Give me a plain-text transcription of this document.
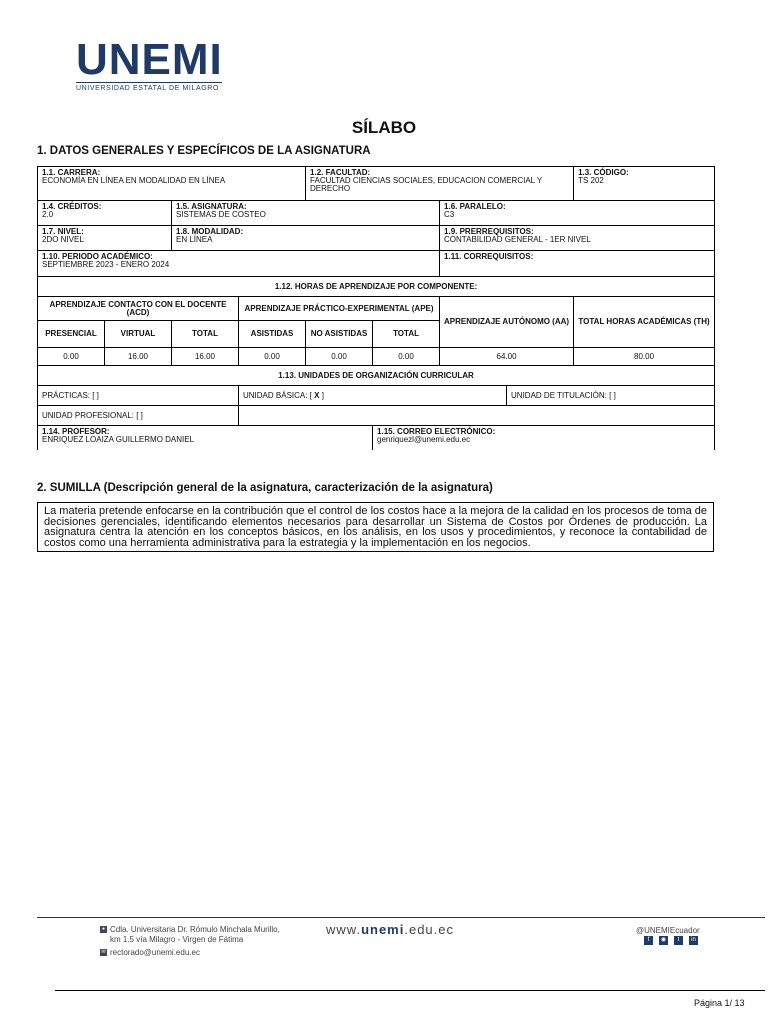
UNEMI
UNIVERSIDAD ESTATAL DE MILAGRO
SÍLABO
1. DATOS GENERALES Y ESPECÍFICOS DE LA ASIGNATURA
1.1. CARRERA:
ECONOMÍA EN LÍNEA EN MODALIDAD EN LÍNEA				1.2. FACULTAD:
FACULTAD CIENCIAS SOCIALES, EDUCACION COMERCIAL Y DERECHO				1.3. CÓDIGO:
TS 202

1.4. CRÉDITOS:
2.0		1.5. ASIGNATURA:
SISTEMAS DE COSTEO				1.6. PARALELO:
C3		

1.7. NIVEL:
2DO NIVEL		1.8. MODALIDAD:
EN LÍNEA				1.9. PRERREQUISITOS:
CONTABILIDAD GENERAL - 1ER NIVEL		

1.10. PERIODO ACADÉMICO:
SEPTIEMBRE 2023 - ENERO 2024						1.11. CORREQUISITOS:		

1.12. HORAS DE APRENDIZAJE POR COMPONENTE:								
APRENDIZAJE CONTACTO CON EL DOCENTE (ACD)			APRENDIZAJE PRÁCTICO-EXPERIMENTAL (APE)			APRENDIZAJE AUTÓNOMO (AA)		TOTAL HORAS ACADÉMICAS (TH)
PRESENCIAL	VIRTUAL	TOTAL	ASISTIDAS	NO ASISTIDAS	TOTAL			
0.00	16.00	16.00	0.00	0.00	0.00	64.00		80.00
1.13. UNIDADES DE ORGANIZACIÓN CURRICULAR								
PRÁCTICAS: [ ]			UNIDAD BÁSICA: [ X ]				UNIDAD DE TITULACIÓN: [ ]	
UNIDAD PROFESIONAL: [ ]								

1.14. PROFESOR:
ENRIQUEZ LOAIZA GUILLERMO DANIEL					1.15. CORREO ELECTRÓNICO:
genriquezl@unemi.edu.ec			
2. SUMILLA (Descripción general de la asignatura, caracterización de la asignatura)
La materia pretende enfocarse en la contribución que el control de los costos hace a la mejora de la calidad en los procesos de toma de decisiones gerenciales, identificando elementos necesarios para desarrollar un Sistema de Costos por Órdenes de producción. La asignatura centra la atención en los conceptos básicos, en los análisis, en los usos y procedimientos, y reconoce la contabilidad de costos como una herramienta administrativa para la estrategia y la implementación en los negocios.
● Cdla. Universitaria Dr. Rómulo Minchala Murillo,
km 1.5 vía Milagro - Virgen de Fátima
✉ rectorado@unemi.edu.ec
www.unemi.edu.ec	@UNEMIEcuador
f	◉	t	in
Página 1/ 13
